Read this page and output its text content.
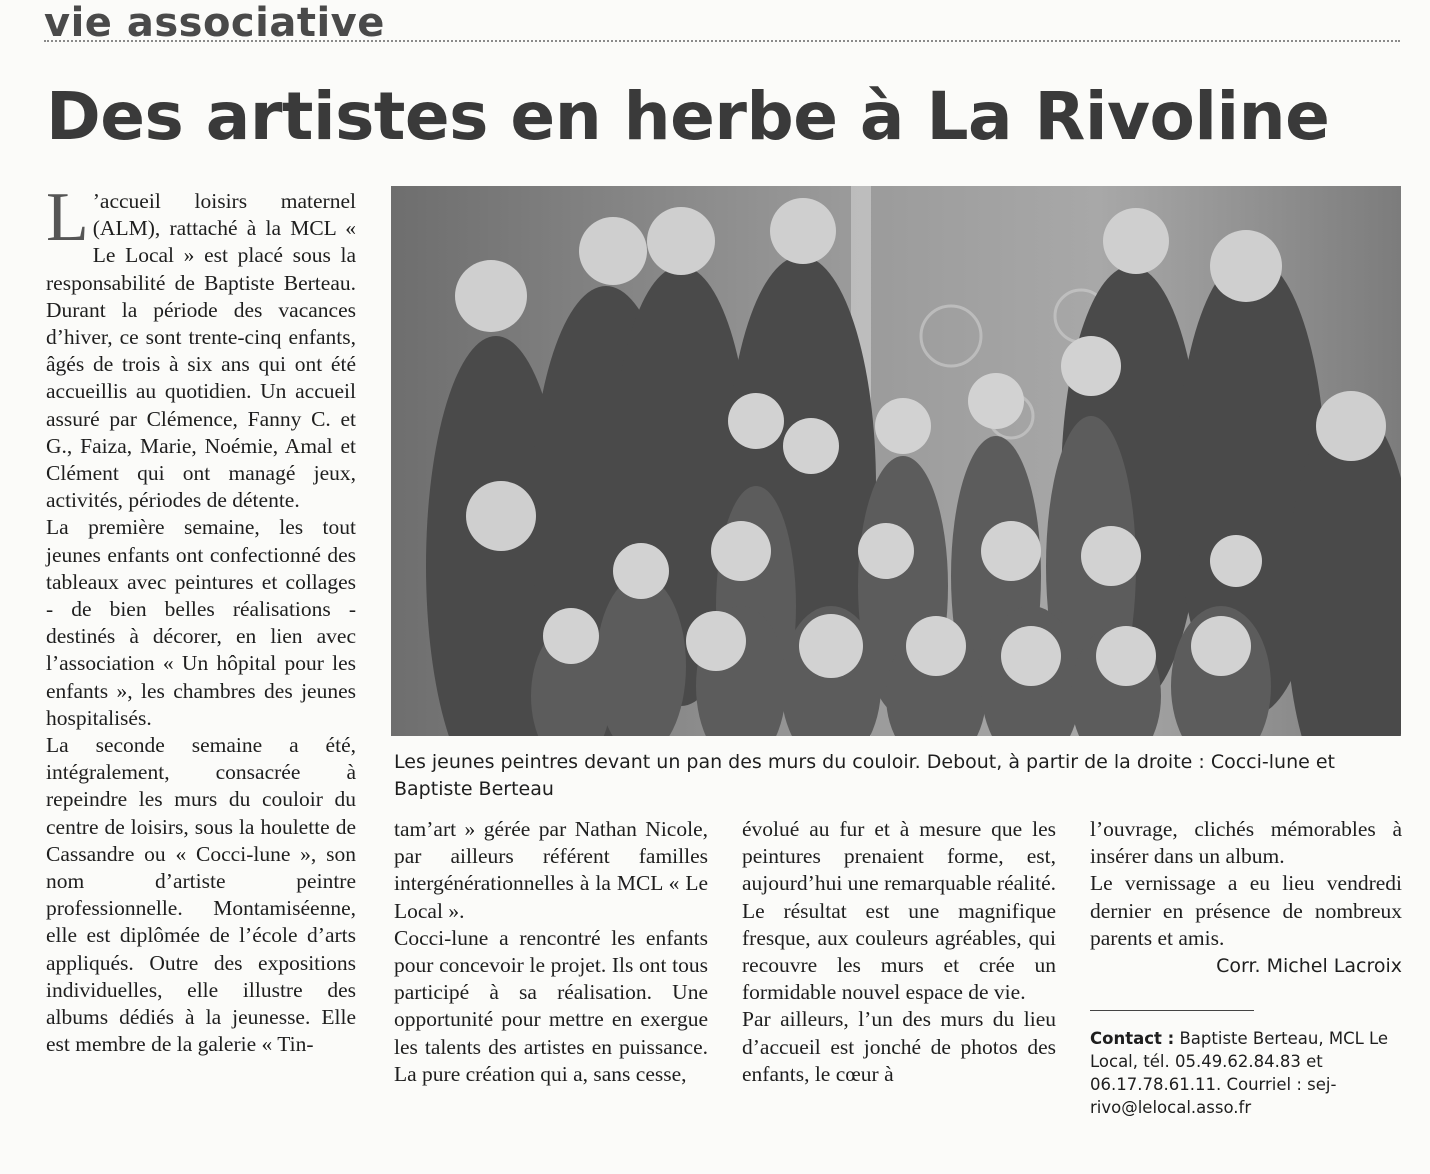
vie associative
Des artistes en herbe à La Rivoline

L ’accueil loisirs maternel (ALM), rattaché à la MCL « Le Local » est placé sous la responsabilité de Baptiste Berteau. Durant la période des vacances d’hiver, ce sont trente-cinq enfants, âgés de trois à six ans qui ont été accueillis au quotidien. Un accueil assuré par Clémence, Fanny C. et G., Faiza, Marie, Noémie, Amal et Clément qui ont managé jeux, activités, périodes de détente.

La première semaine, les tout jeunes enfants ont confectionné des tableaux avec peintures et collages - de bien belles réalisations - destinés à décorer, en lien avec l’association « Un hôpital pour les enfants », les chambres des jeunes hospitalisés.

La seconde semaine a été, intégralement, consacrée à repeindre les murs du couloir du centre de loisirs, sous la houlette de Cassandre ou « Cocci-lune », son nom d’artiste peintre professionnelle. Montamiséenne, elle est diplômée de l’école d’arts appliqués. Outre des expositions individuelles, elle illustre des albums dédiés à la jeunesse. Elle est membre de la galerie « Tin-

Les jeunes peintres devant un pan des murs du couloir. Debout, à partir de la droite : Cocci-lune et Baptiste Berteau

tam’art » gérée par Nathan Nicole, par ailleurs référent familles intergénérationnelles à la MCL « Le Local ».

Cocci-lune a rencontré les enfants pour concevoir le projet. Ils ont tous participé à sa réalisation. Une opportunité pour mettre en exergue les talents des artistes en puissance. La pure création qui a, sans cesse,

évolué au fur et à mesure que les peintures prenaient forme, est, aujourd’hui une remarquable réalité. Le résultat est une magnifique fresque, aux couleurs agréables, qui recouvre les murs et crée un formidable nouvel espace de vie.

Par ailleurs, l’un des murs du lieu d’accueil est jonché de photos des enfants, le cœur à

l’ouvrage, clichés mémorables à insérer dans un album.

Le vernissage a eu lieu vendredi dernier en présence de nombreux parents et amis.

Corr. Michel Lacroix
Contact : Baptiste Berteau, MCL Le Local, tél. 05.49.62.84.83 et 06.17.78.61.11. Courriel : sej-rivo@lelocal.asso.fr
